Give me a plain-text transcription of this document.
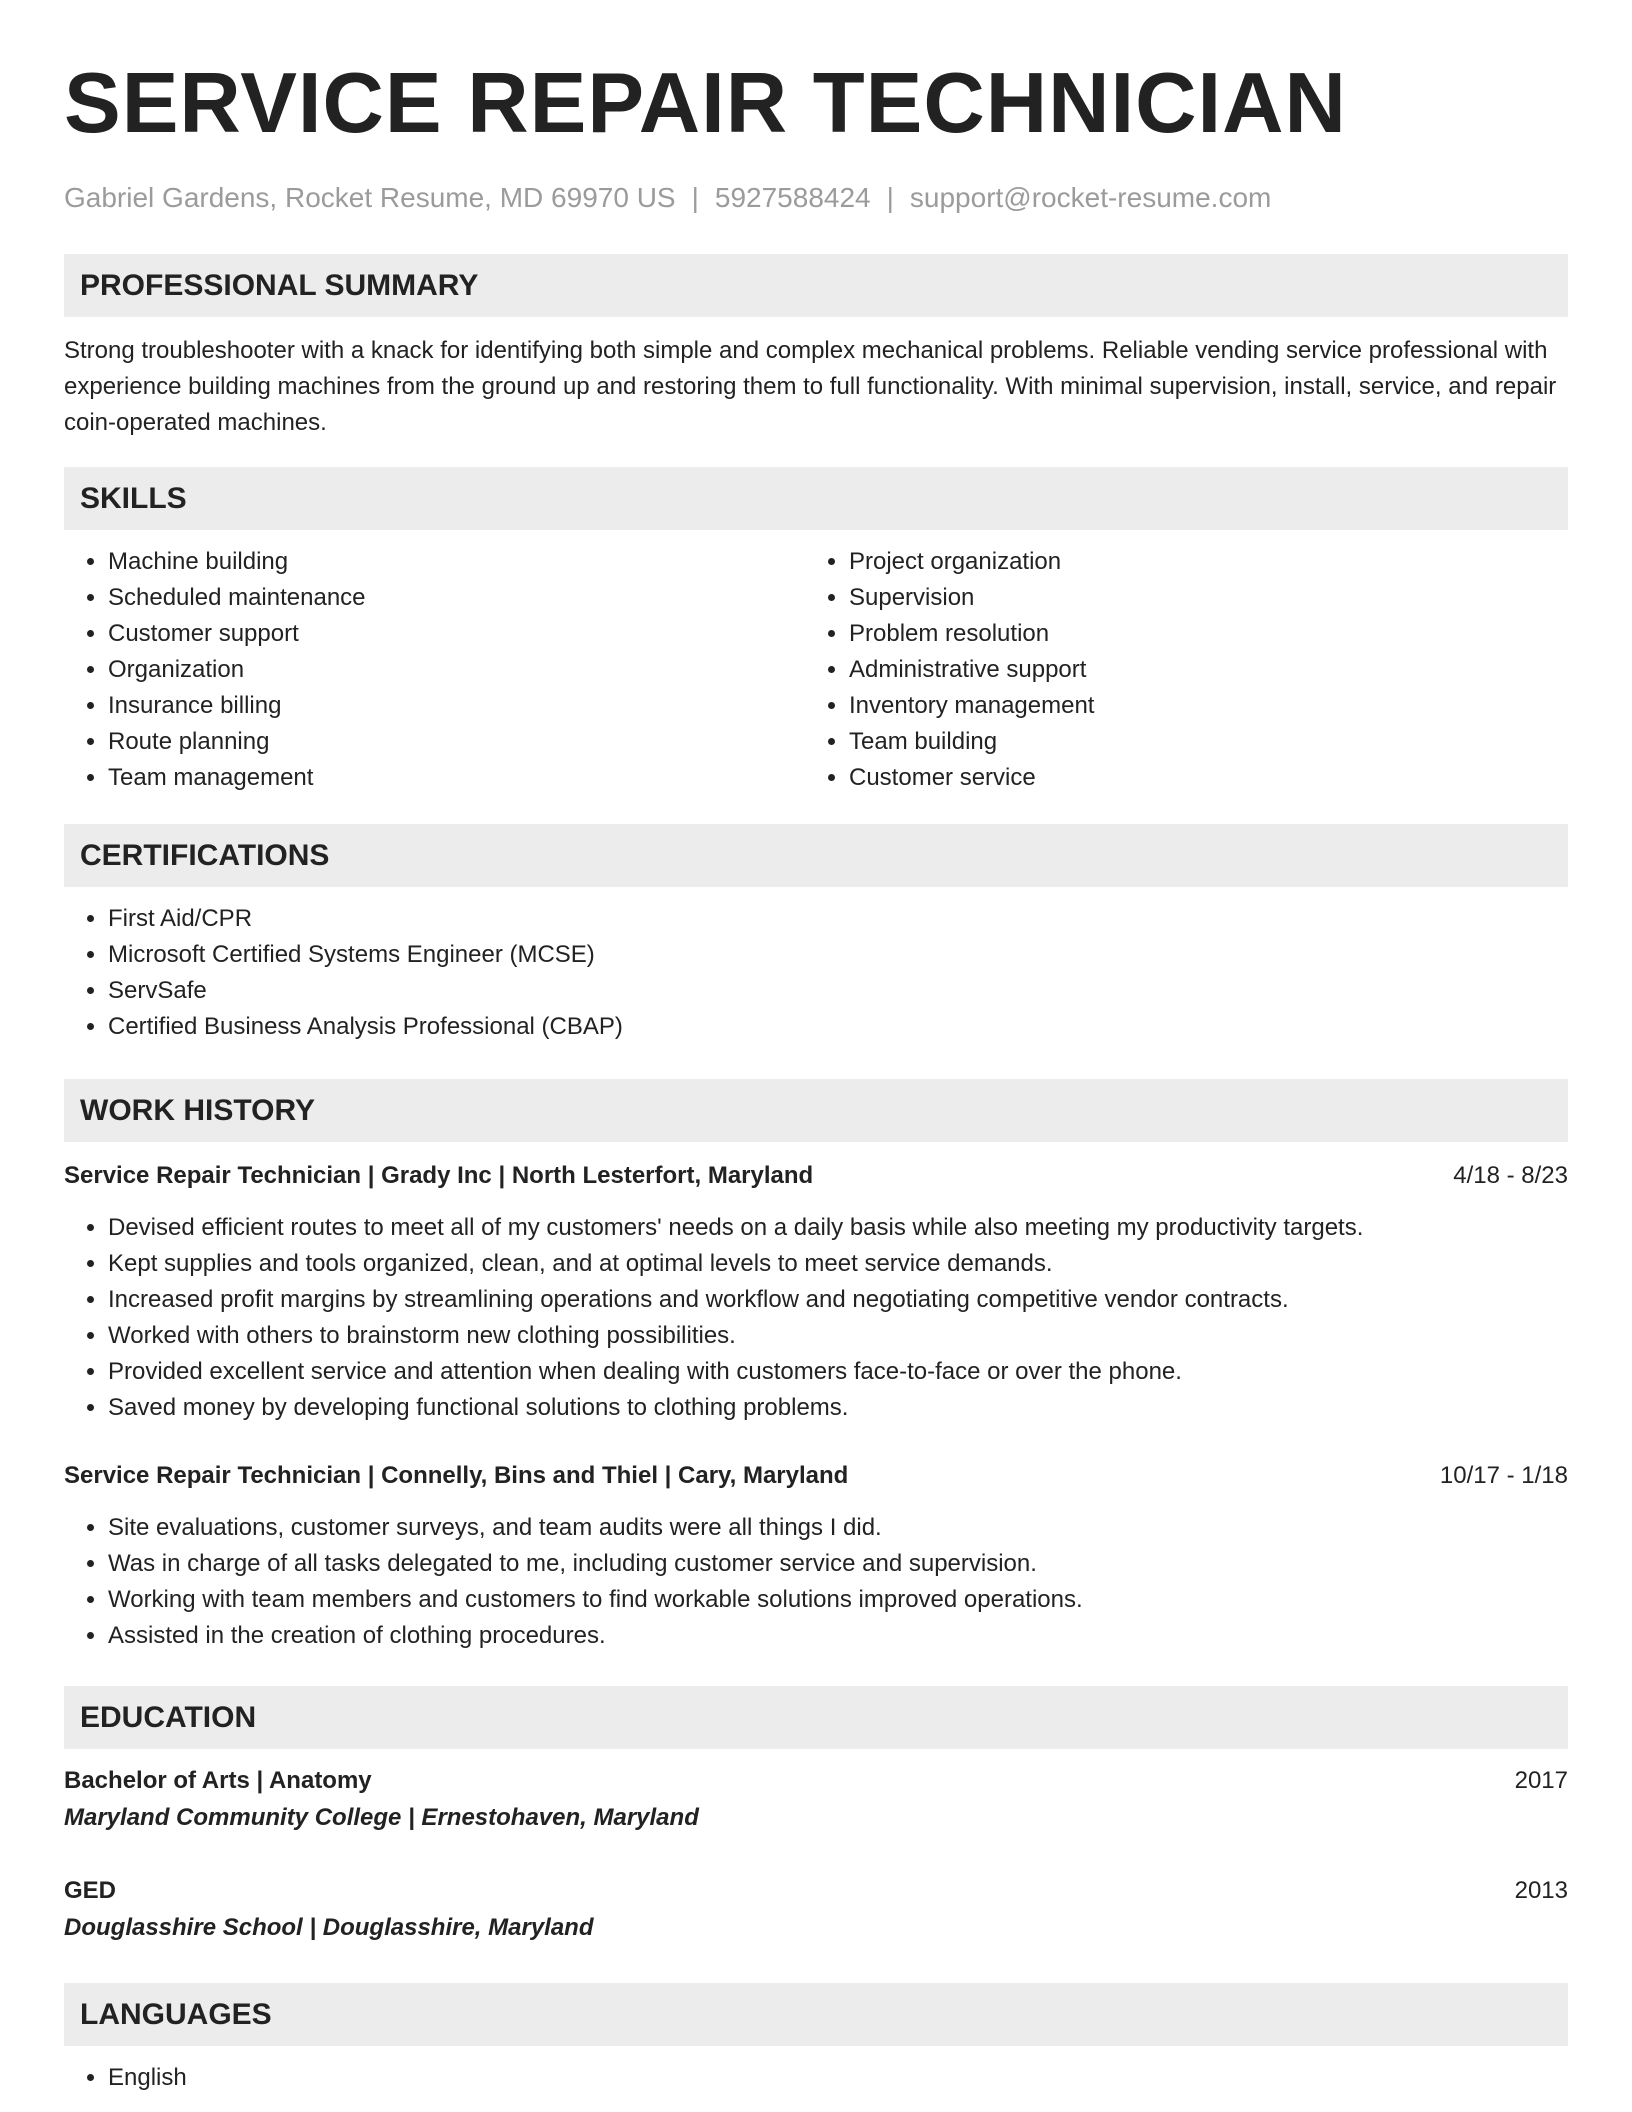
SERVICE REPAIR TECHNICIAN
Gabriel Gardens, Rocket Resume, MD 69970 US | 5927588424 | support@rocket-resume.com
PROFESSIONAL SUMMARY

Strong troubleshooter with a knack for identifying both simple and complex mechanical problems. Reliable vending service professional with experience building machines from the ground up and restoring them to full functionality. With minimal supervision, install, service, and repair coin-operated machines.

SKILLS
• Machine building
• Scheduled maintenance
• Customer support
• Organization
• Insurance billing
• Route planning
• Team management
• Project organization
• Supervision
• Problem resolution
• Administrative support
• Inventory management
• Team building
• Customer service
CERTIFICATIONS
• First Aid/CPR
• Microsoft Certified Systems Engineer (MCSE)
• ServSafe
• Certified Business Analysis Professional (CBAP)
WORK HISTORY
Service Repair Technician | Grady Inc | North Lesterfort, Maryland	4/18 - 8/23
• Devised efficient routes to meet all of my customers' needs on a daily basis while also meeting my productivity targets.
• Kept supplies and tools organized, clean, and at optimal levels to meet service demands.
• Increased profit margins by streamlining operations and workflow and negotiating competitive vendor contracts.
• Worked with others to brainstorm new clothing possibilities.
• Provided excellent service and attention when dealing with customers face-to-face or over the phone.
• Saved money by developing functional solutions to clothing problems.
Service Repair Technician | Connelly, Bins and Thiel | Cary, Maryland	10/17 - 1/18
• Site evaluations, customer surveys, and team audits were all things I did.
• Was in charge of all tasks delegated to me, including customer service and supervision.
• Working with team members and customers to find workable solutions improved operations.
• Assisted in the creation of clothing procedures.
EDUCATION
Bachelor of Arts | Anatomy	2017
Maryland Community College | Ernestohaven, Maryland
GED	2013
Douglasshire School | Douglasshire, Maryland
LANGUAGES
• English
